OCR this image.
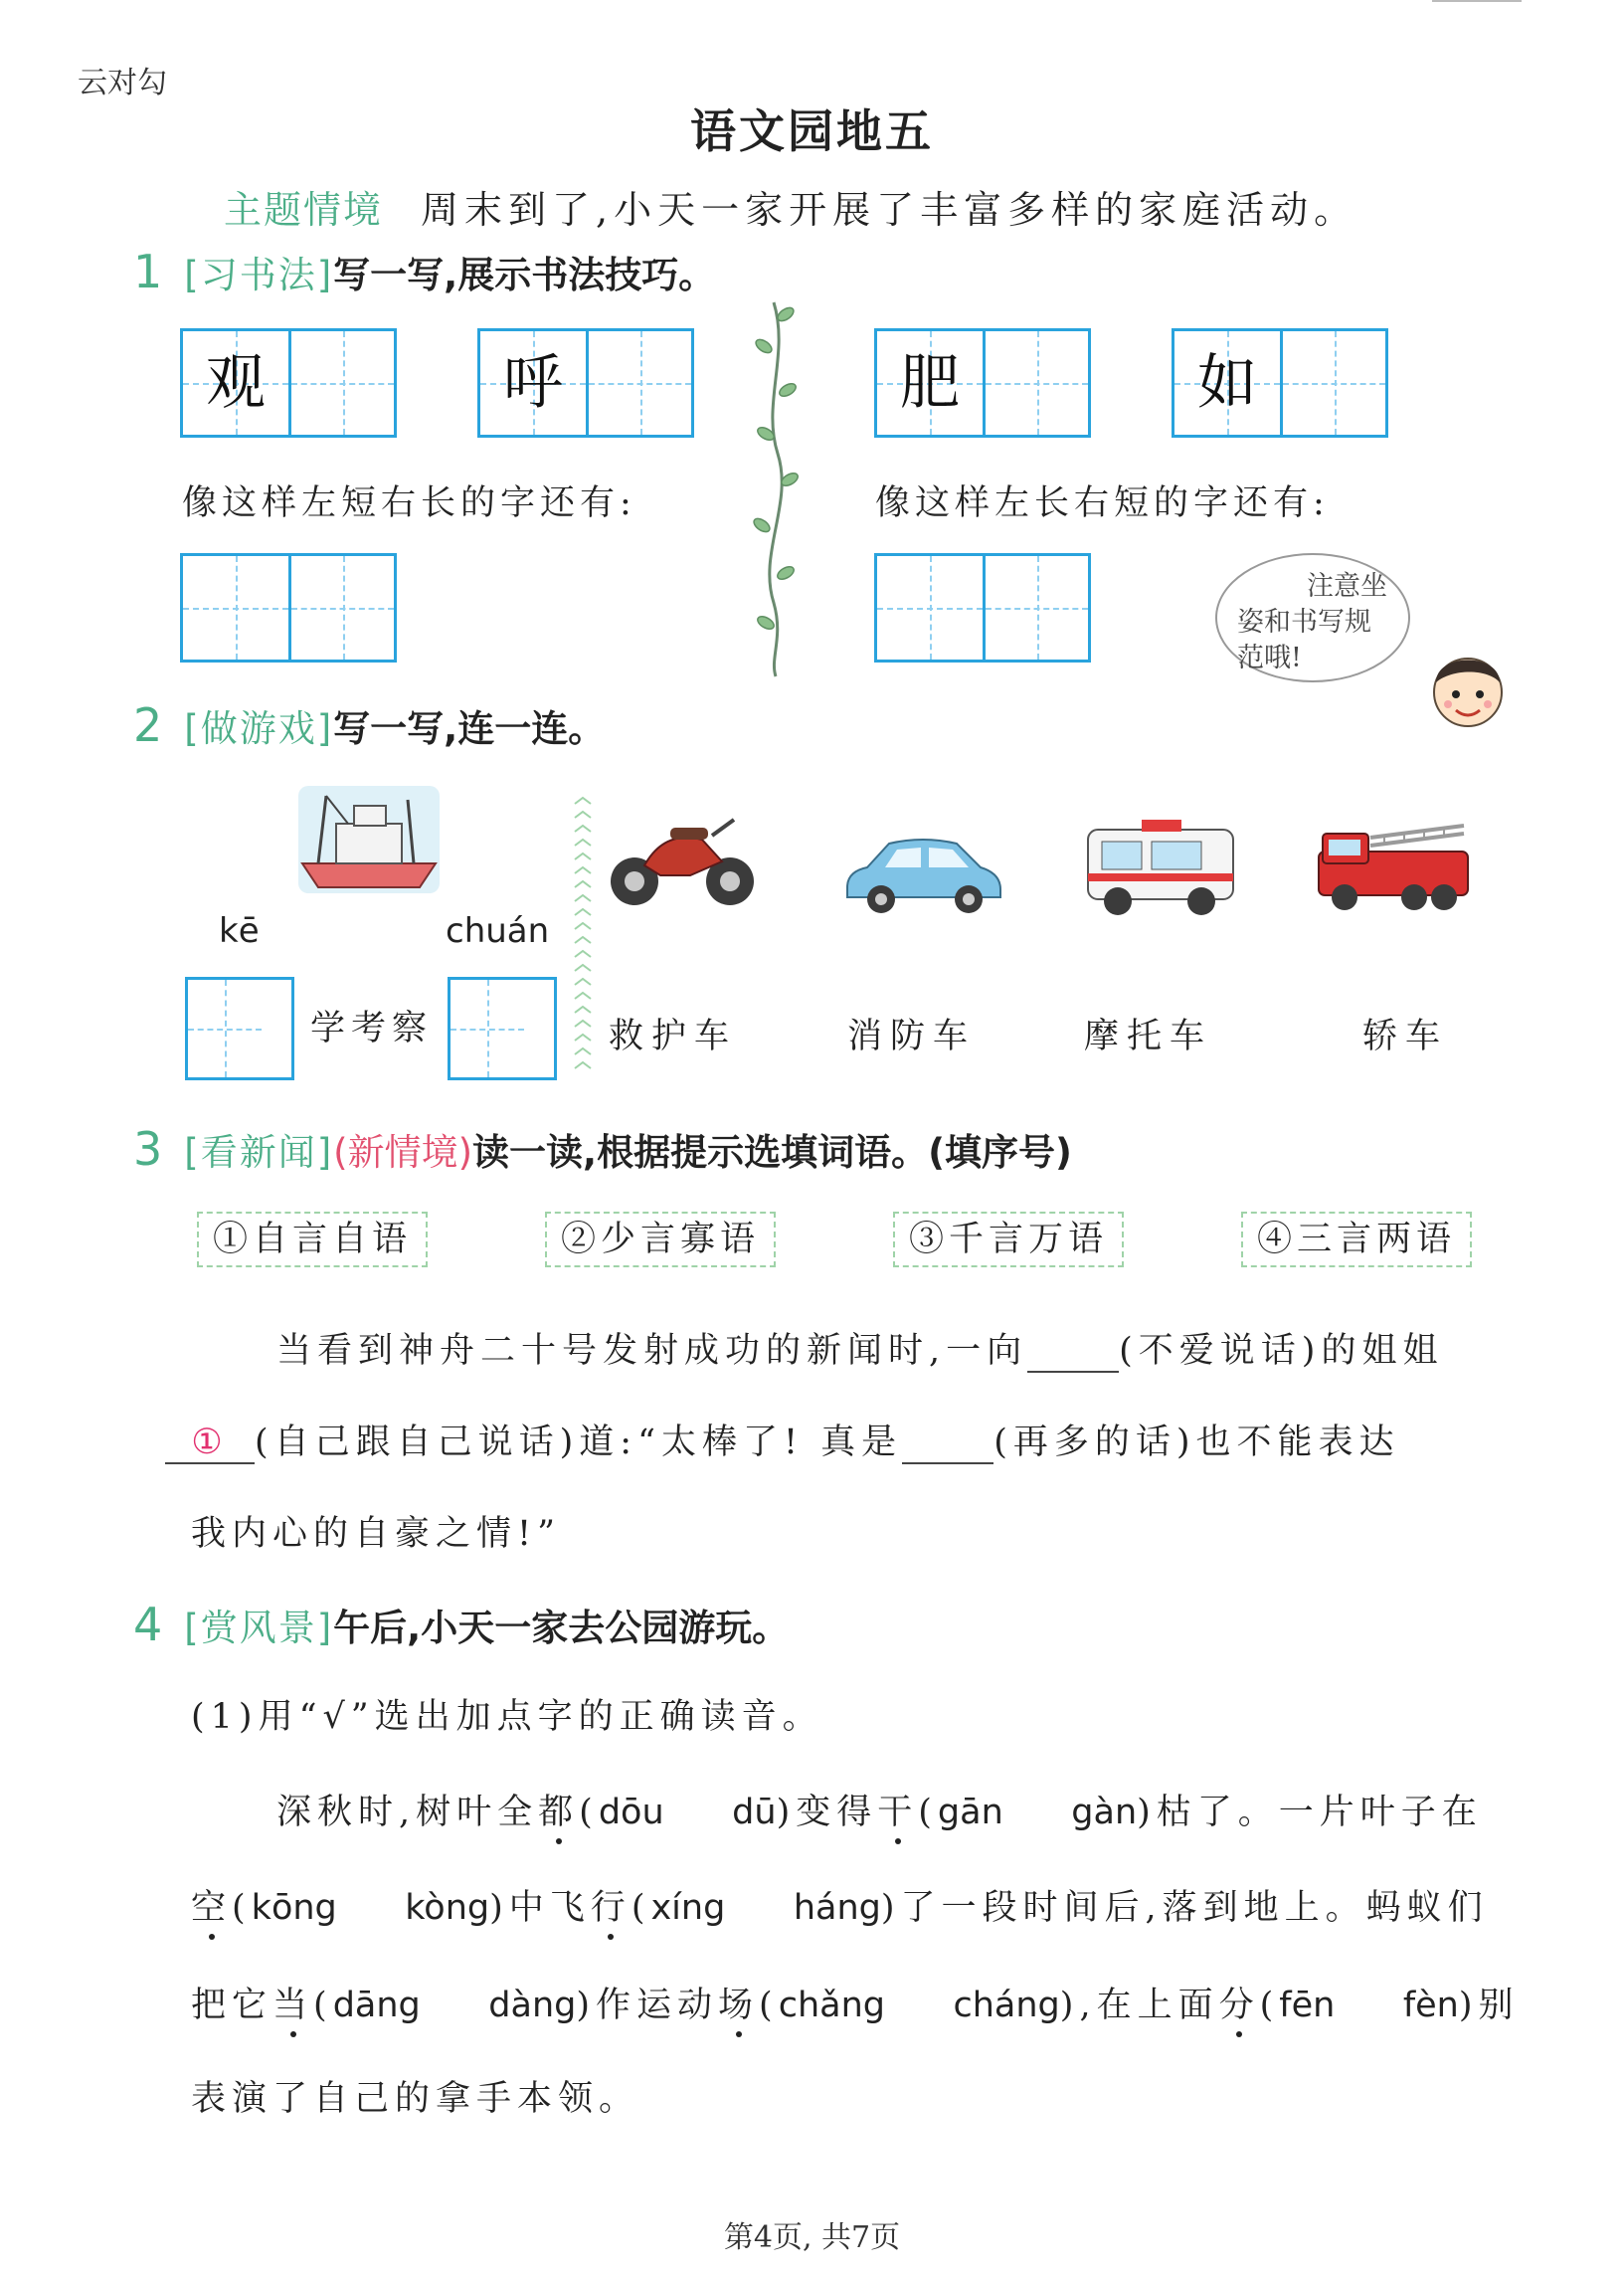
云对勾
语文园地五
主题情境 周末到了,小天一家开展了丰富多样的家庭活动。
1 [习书法]写一写,展示书法技巧。
观	呼	肥	如
像这样左短右长的字还有:	像这样左长右短的字还有:
注意坐
姿和书写规
范哦!
2 [做游戏]写一写,连一连。
kē	chuán
学考察	救护车	消防车	摩托车	轿车
3 [看新闻](新情境)读一读,根据提示选填词语。(填序号)
①自言自语	②少言寡语	③千言万语	④三言两语
当看到神舟二十号发射成功的新闻时,一向	(不爱说话)的姐姐
① (自己跟自己说话)道:“太棒了! 真是	(再多的话)也不能表达
我内心的自豪之情!”
4 [赏风景]午后,小天一家去公园游玩。
(1)用“√”选出加点字的正确读音。
深秋时,树叶全都(dōu dū)变得干(gān gàn)枯了。一片叶子在
空(kōng kòng)中飞行(xíng háng)了一段时间后,落到地上。蚂蚁们
把它当(dāng dàng)作运动场(chǎng cháng),在上面分(fēn fèn)别
表演了自己的拿手本领。
第4页, 共7页
